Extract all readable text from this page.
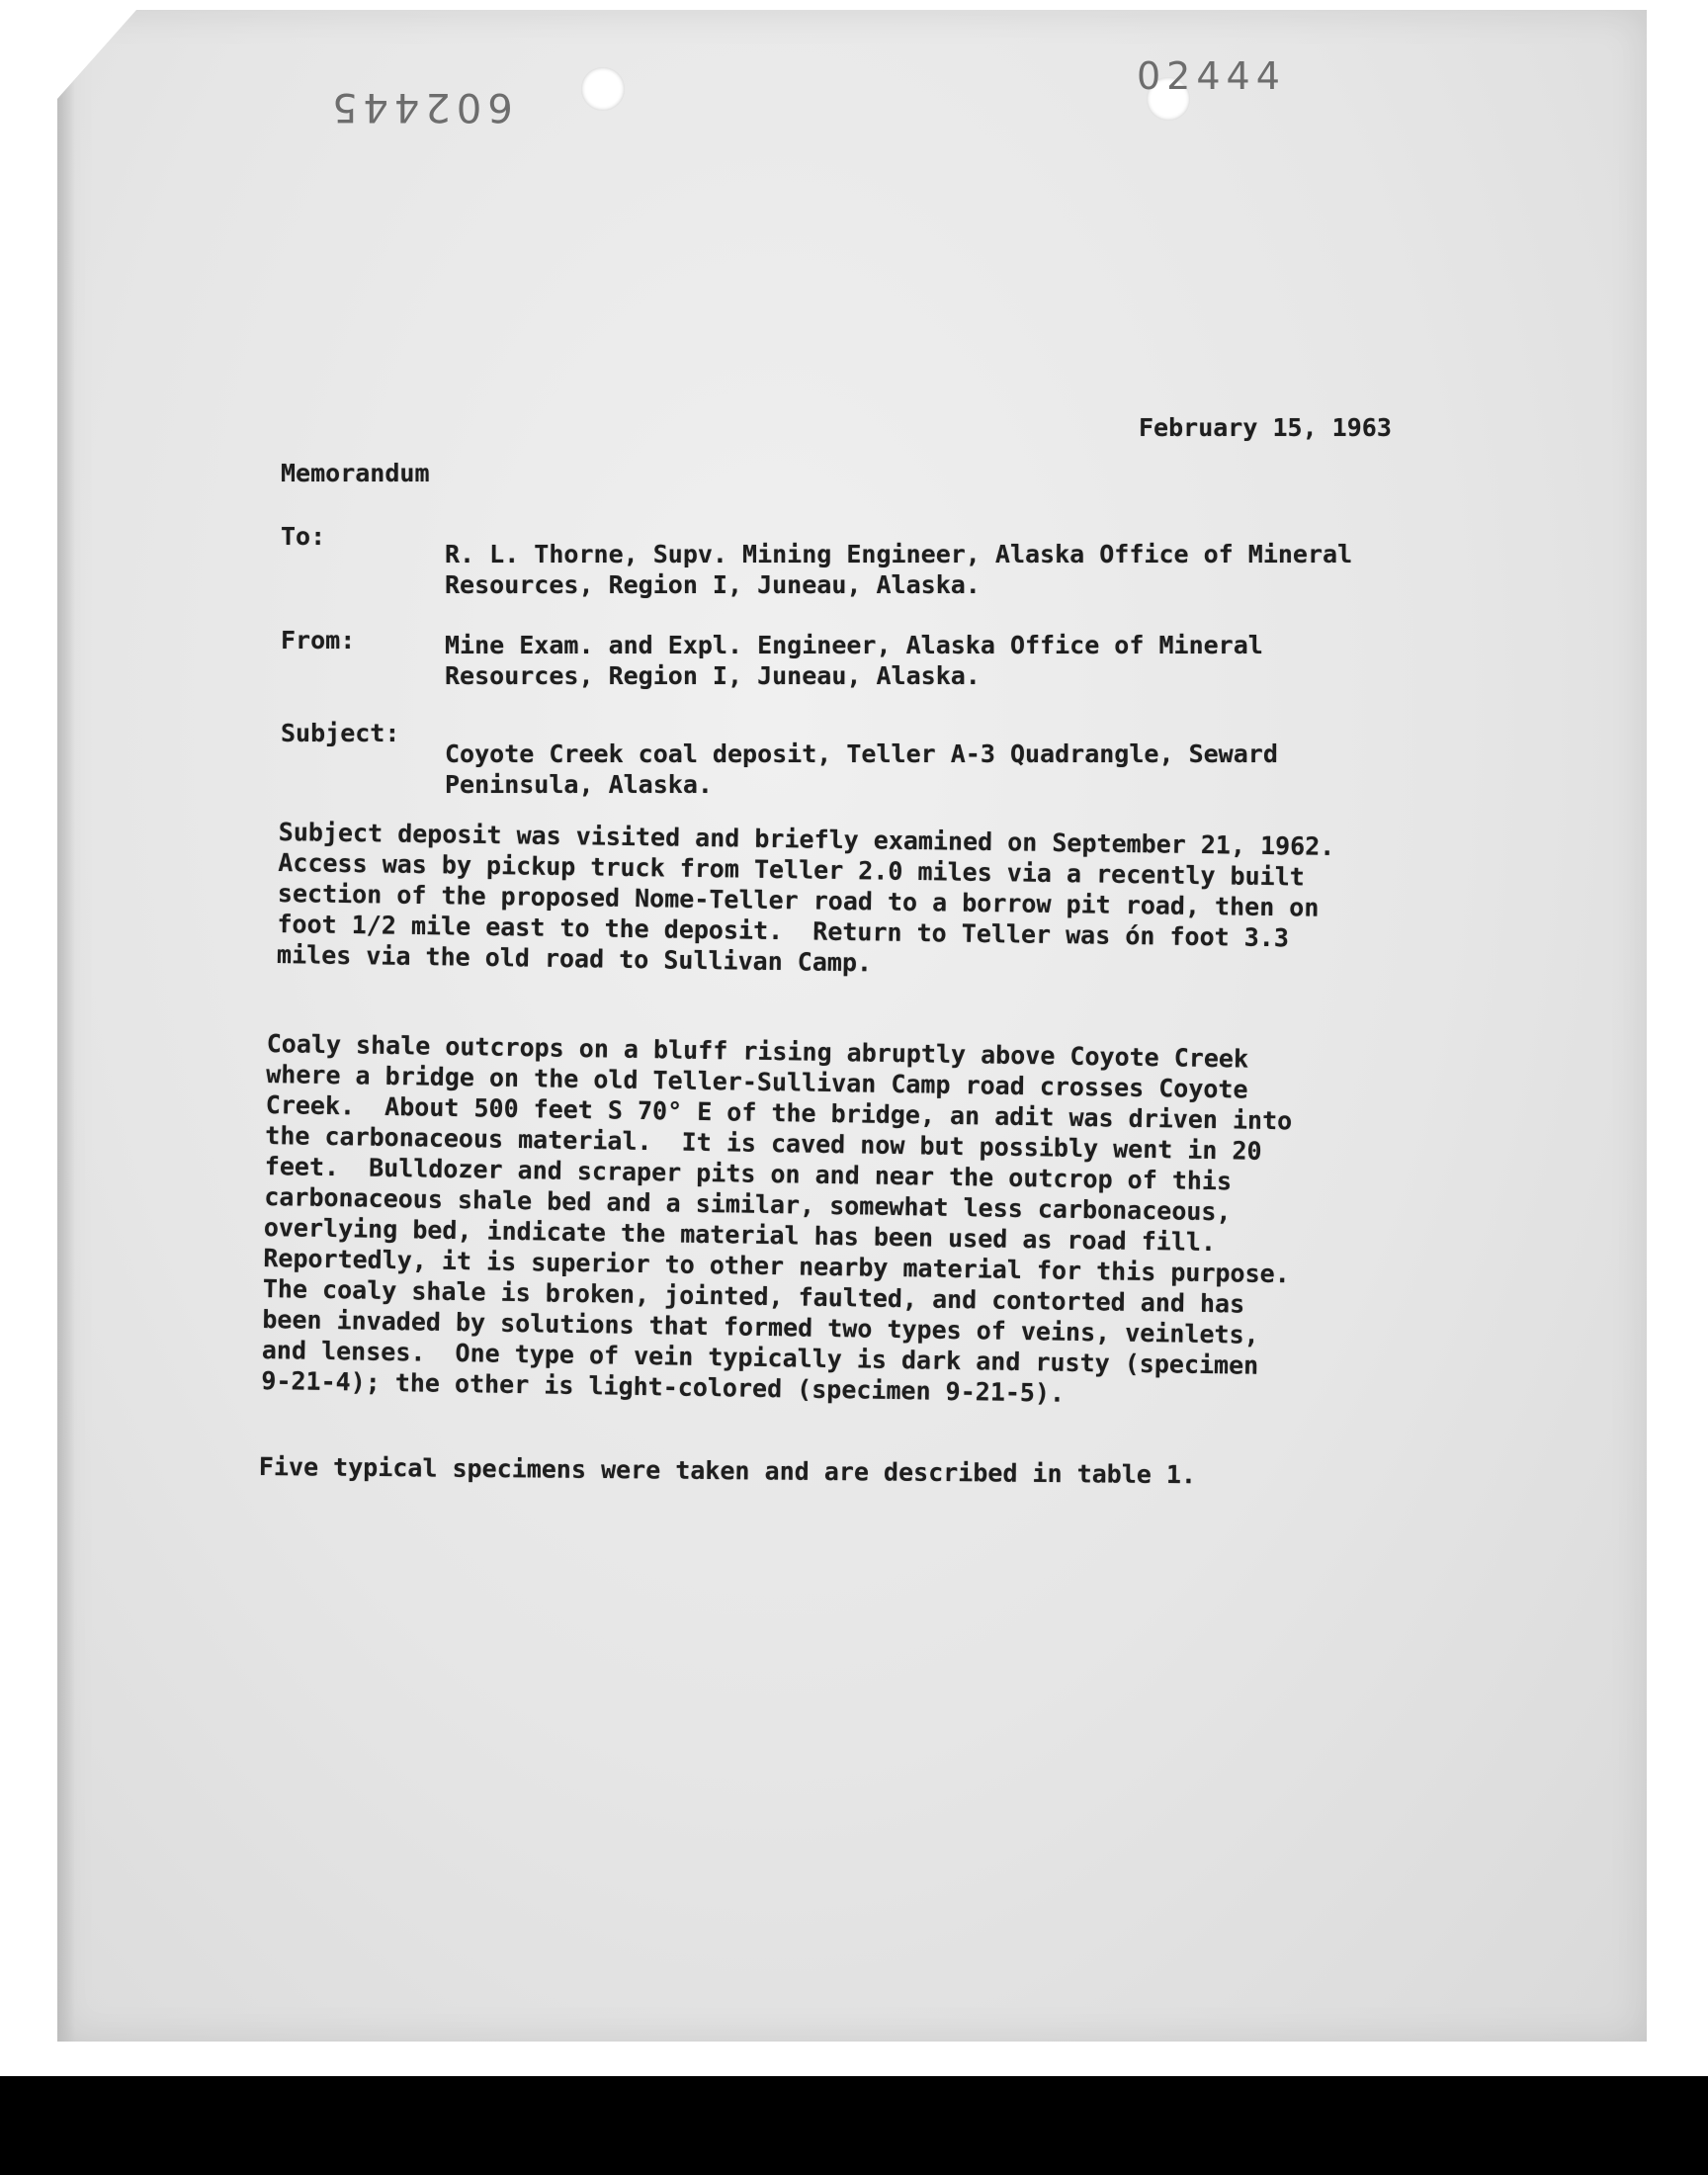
602445
02444
February 15, 1963
Memorandum
To:
R. L. Thorne, Supv. Mining Engineer, Alaska Office of Mineral
Resources, Region I, Juneau, Alaska.
From:	Mine Exam. and Expl. Engineer, Alaska Office of Mineral
Resources, Region I, Juneau, Alaska.
Subject:
Coyote Creek coal deposit, Teller A-3 Quadrangle, Seward
Peninsula, Alaska.
Subject deposit was visited and briefly examined on September 21, 1962.
Access was by pickup truck from Teller 2.0 miles via a recently built
section of the proposed Nome-Teller road to a borrow pit road, then on
foot 1/2 mile east to the deposit.  Return to Teller was ón foot 3.3
miles via the old road to Sullivan Camp.
Coaly shale outcrops on a bluff rising abruptly above Coyote Creek
where a bridge on the old Teller-Sullivan Camp road crosses Coyote
Creek.  About 500 feet S 70° E of the bridge, an adit was driven into
the carbonaceous material.  It is caved now but possibly went in 20
feet.  Bulldozer and scraper pits on and near the outcrop of this
carbonaceous shale bed and a similar, somewhat less carbonaceous,
overlying bed, indicate the material has been used as road fill.
Reportedly, it is superior to other nearby material for this purpose.
The coaly shale is broken, jointed, faulted, and contorted and has
been invaded by solutions that formed two types of veins, veinlets,
and lenses.  One type of vein typically is dark and rusty (specimen
9-21-4); the other is light-colored (specimen 9-21-5).
Five typical specimens were taken and are described in table 1.
